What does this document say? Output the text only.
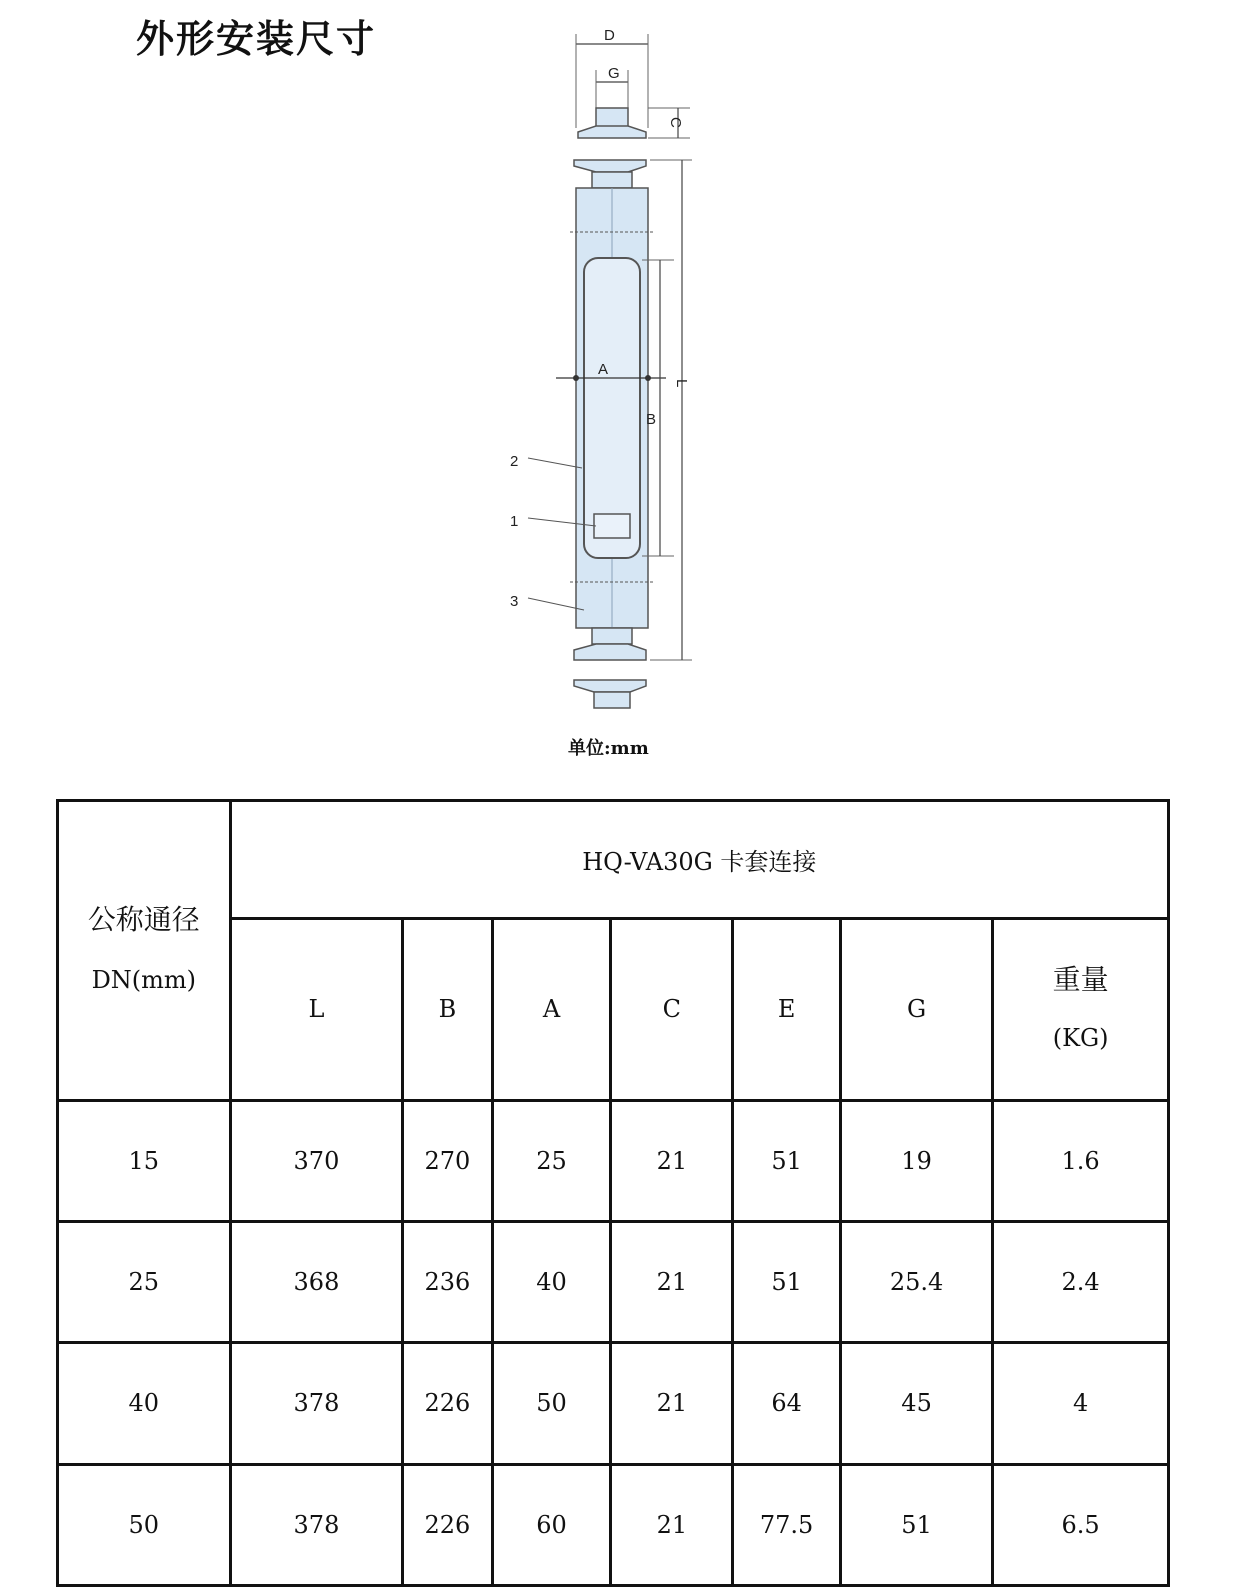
外形安装尺寸	D
G
C
A
B
L
2
1
3
单位:mm
公称通径
DN(mm)	HQ-VA30G 卡套连接						
	L	B	A	C	E	G	重量
(KG)

15	370	270	25	21	51	19	1.6
25	368	236	40	21	51	25.4	2.4
40	378	226	50	21	64	45	4
50	378	226	60	21	77.5	51	6.5
